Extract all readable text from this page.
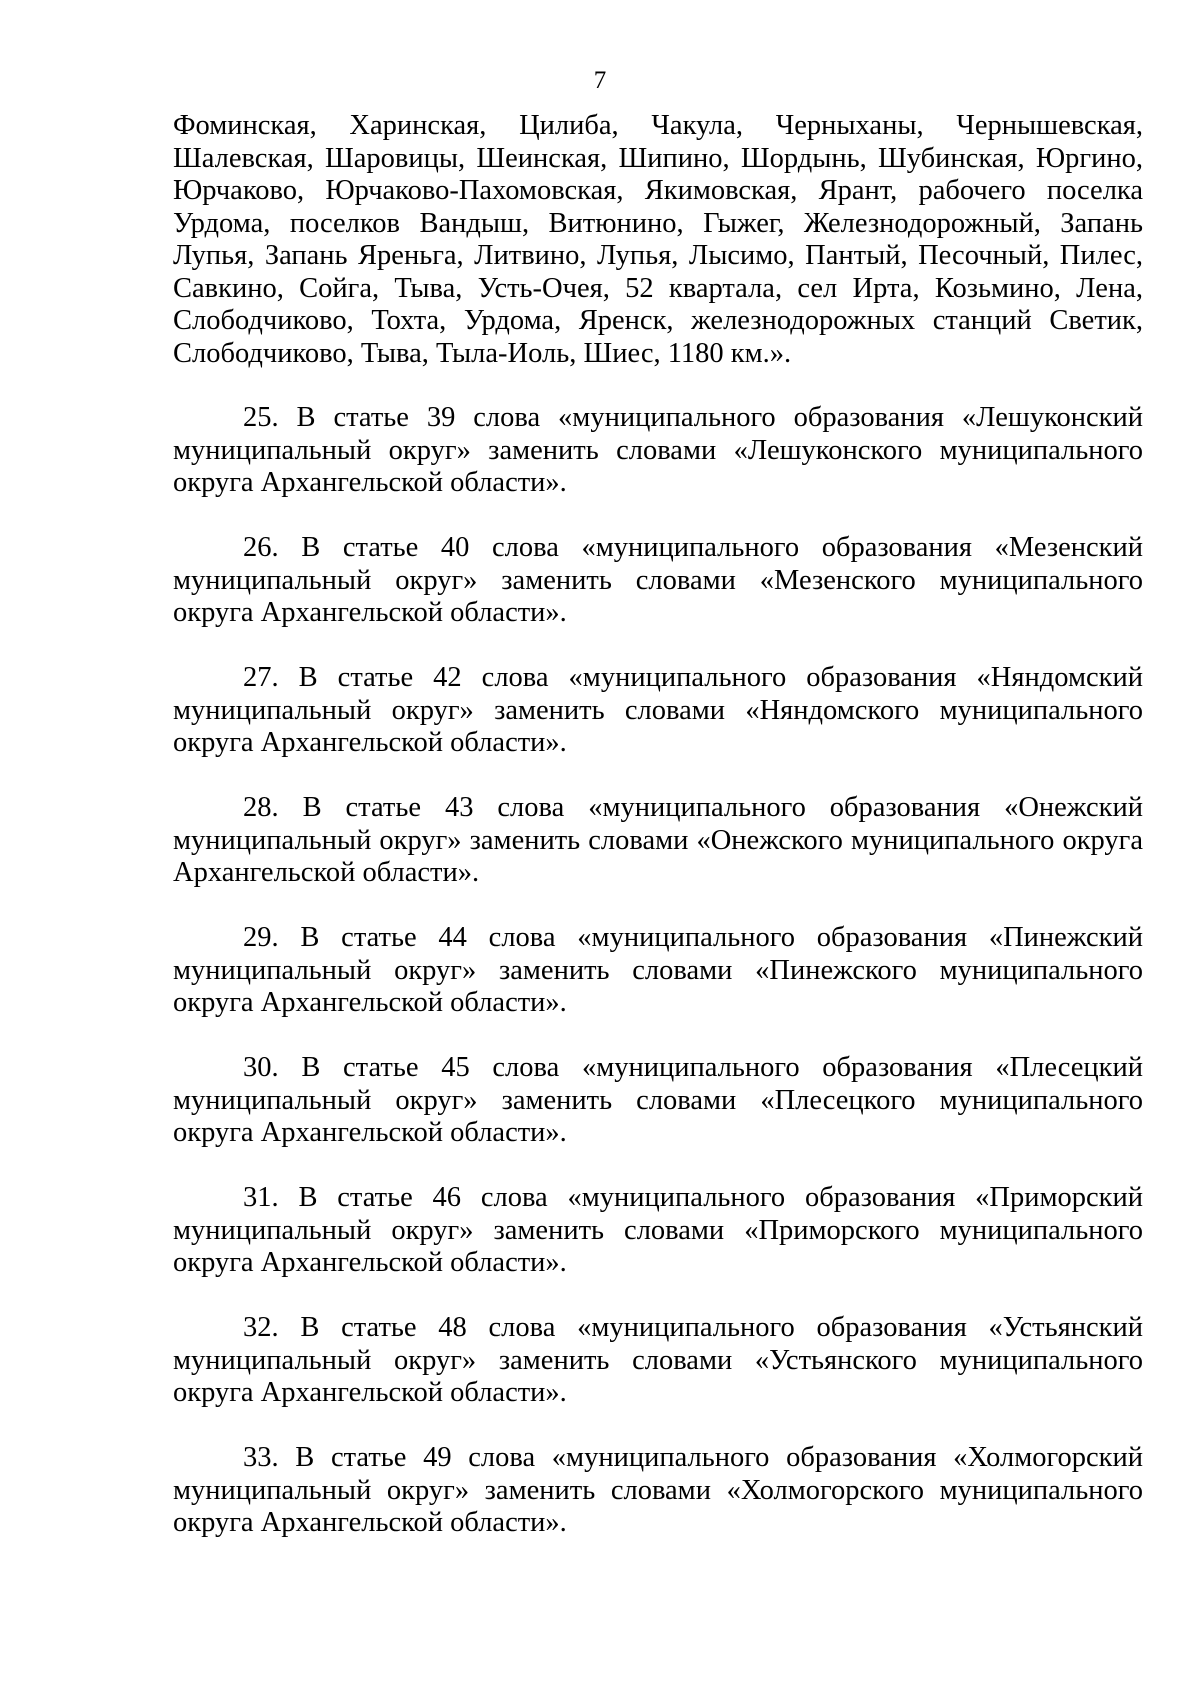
7

Фоминская, Харинская, Цилиба, Чакула, Черныханы, Чернышевская, Шалевская, Шаровицы, Шеинская, Шипино, Шордынь, Шубинская, Юргино, Юрчаково, Юрчаково-Пахомовская, Якимовская, Ярант, рабочего поселка Урдома, поселков Вандыш, Витюнино, Гыжег, Железнодорожный, Запань Лупья, Запань Яреньга, Литвино, Лупья, Лысимо, Пантый, Песочный, Пилес, Савкино, Сойга, Тыва, Усть-Очея, 52 квартала, сел Ирта, Козьмино, Лена, Слободчиково, Тохта, Урдома, Яренск, железнодорожных станций Светик, Слободчиково, Тыва, Тыла-Иоль, Шиес, 1180 км.».

25. В статье 39 слова «муниципального образования «Лешуконский муниципальный округ» заменить словами «Лешуконского муниципального округа Архангельской области».

26. В статье 40 слова «муниципального образования «Мезенский муниципальный округ» заменить словами «Мезенского муниципального округа Архангельской области».

27. В статье 42 слова «муниципального образования «Няндомский муниципальный округ» заменить словами «Няндомского муниципального округа Архангельской области».

28. В статье 43 слова «муниципального образования «Онежский муниципальный округ» заменить словами «Онежского муниципального округа Архангельской области».

29. В статье 44 слова «муниципального образования «Пинежский муниципальный округ» заменить словами «Пинежского муниципального округа Архангельской области».

30. В статье 45 слова «муниципального образования «Плесецкий муниципальный округ» заменить словами «Плесецкого муниципального округа Архангельской области».

31. В статье 46 слова «муниципального образования «Приморский муниципальный округ» заменить словами «Приморского муниципального округа Архангельской области».

32. В статье 48 слова «муниципального образования «Устьянский муниципальный округ» заменить словами «Устьянского муниципального округа Архангельской области».

33. В статье 49 слова «муниципального образования «Холмогорский муниципальный округ» заменить словами «Холмогорского муниципального округа Архангельской области».
